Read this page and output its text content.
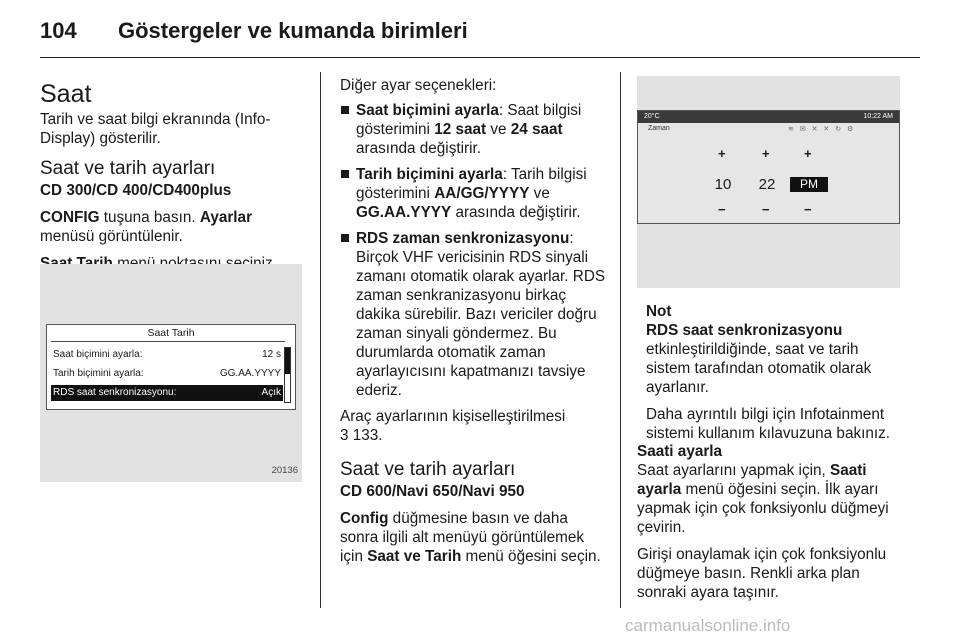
104 Göstergeler ve kumanda birimleri
Saat

Tarih ve saat bilgi ekranında (Info-Display) gösterilir.

Saat ve tarih ayarları
CD 300/CD 400/CD400plus

CONFIG tuşuna basın. Ayarlar menüsü görüntülenir.

Saat Tarih
Saat biçimini ayarla:	12 s
Tarih biçimini ayarla:	GG.AA.YYYY
RDS saat senkronizasyonu:	Açık
20136

Diğer ayar seçenekleri:

Saat biçimini ayarla: Saat bilgisi gösterimini 12 saat ve 24 saat arasında değiştirir.
Tarih biçimini ayarla: Tarih bilgisi gösterimini AA/GG/YYYY ve GG.AA.YYYY arasında değiştirir.
RDS zaman senkronizasyonu: Birçok VHF vericisinin RDS sinyali zamanı otomatik olarak ayarlar. RDS zaman senkranizasyonu birkaç dakika sürebilir. Bazı vericiler doğru zaman sinyali göndermez. Bu durumlarda otomatik zaman ayarlayıcısını kapatmanızı tavsiye ederiz.

Araç ayarlarının kişiselleştirilmesi
3 133.

Saat ve tarih ayarları
CD 600/Navi 650/Navi 950

Config düğmesine basın ve daha sonra ilgili alt menüyü görüntülemek için Saat ve Tarih menü öğesini seçin.

20°C	10:22 AM
Zaman	≋ ✉ ✕ ✕ ↻ ⚙
+	+	+
10	22	PM
−	−	−
Not
RDS saat senkronizasyonu

etkinleştirildiğinde, saat ve tarih sistem tarafından otomatik olarak ayarlanır.

Daha ayrıntılı bilgi için Infotainment sistemi kullanım kılavuzuna bakınız.

Saati ayarla

Saat ayarlarını yapmak için, Saati ayarla menü öğesini seçin. İlk ayarı yapmak için çok fonksiyonlu düğmeyi çevirin.

Girişi onaylamak için çok fonksiyonlu düğmeye basın. Renkli arka plan sonraki ayara taşınır.

carmanualsonline.info
